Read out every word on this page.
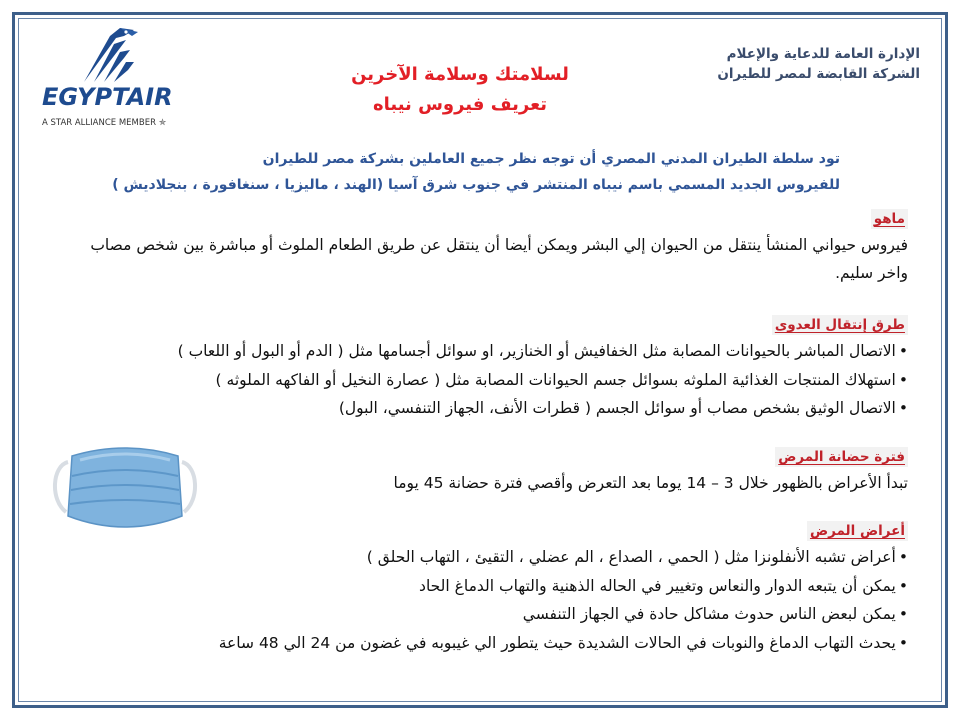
EGYPTAIR
A STAR ALLIANCE MEMBER ✯
الإدارة العامة للدعاية والإعلام
الشركة القابضة لمصر للطيران
لسلامتك وسلامة الآخرين
تعريف فيروس نيباه
تود سلطة الطيران المدني المصري أن توجه نظر جميع العاملين بشركة مصر للطيران
للفيروس الجديد المسمي باسم نيباه المنتشر في جنوب شرق آسيا (الهند ، ماليزيا ، سنغافورة ، بنجلاديش )
ماهو

فيروس حيواني المنشأ ينتقل من الحيوان إلي البشر ويمكن أيضا أن ينتقل عن طريق الطعام الملوث أو مباشرة بين شخص مصاب واخر سليم.

طرق إنتقال العدوى
• الاتصال المباشر بالحيوانات المصابة مثل الخفافيش أو الخنازير، او سوائل أجسامها مثل ( الدم أو البول أو اللعاب )
• استهلاك المنتجات الغذائية الملوثه بسوائل جسم الحيوانات المصابة مثل ( عصارة النخيل أو الفاكهه الملوثه )
• الاتصال الوثيق بشخص مصاب أو سوائل الجسم ( قطرات الأنف، الجهاز التنفسي، البول)
فترة حضانة المرض

تبدأ الأعراض بالظهور خلال 3 – 14 يوما بعد التعرض وأقصي فترة حضانة 45 يوما

أعراض المرض
• أعراض تشبه الأنفلونزا مثل ( الحمي ، الصداع ، الم عضلي ، التقيئ ، التهاب الحلق )
• يمكن أن يتبعه الدوار والنعاس وتغيير في الحاله الذهنية والتهاب الدماغ الحاد
• يمكن لبعض الناس حدوث مشاكل حادة في الجهاز التنفسي
• يحدث التهاب الدماغ والنوبات في الحالات الشديدة حيث يتطور الي غيبوبه في غضون من 24 الي 48 ساعة
